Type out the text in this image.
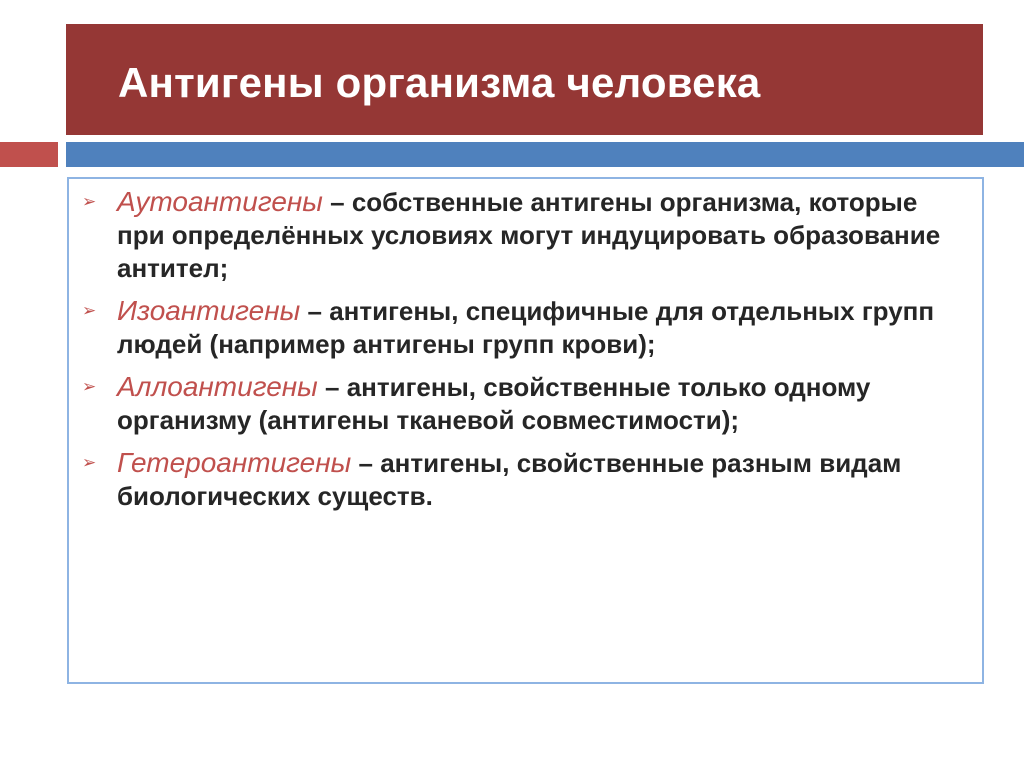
Антигены организма человека
➢ Аутоантигены – собственные антигены организма, которые при определённых условиях могут индуцировать образование антител;
➢ Изоантигены – антигены, специфичные для отдельных групп людей (например антигены групп крови);
➢ Аллоантигены – антигены, свойственные только одному организму (антигены тканевой совместимости);
➢ Гетероантигены – антигены, свойственные разным видам биологических существ.
